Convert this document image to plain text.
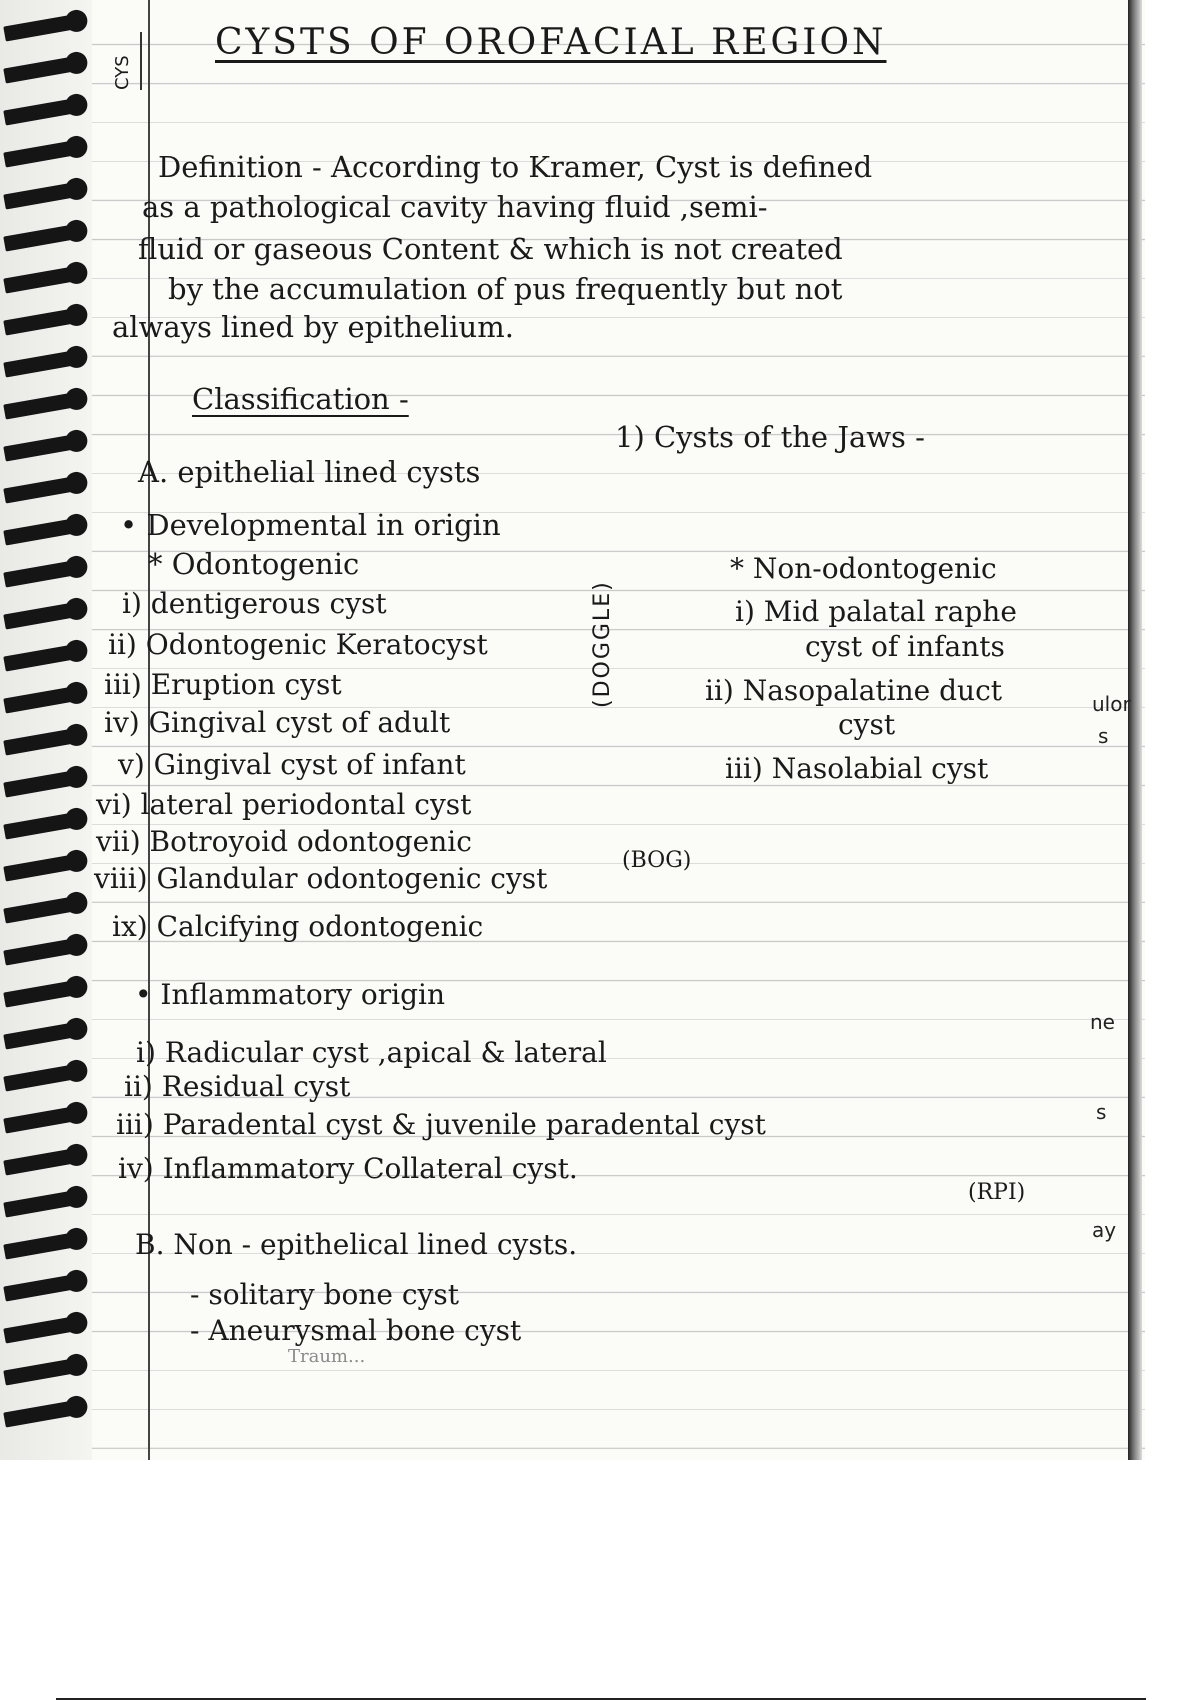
CYS
CYSTS OF OROFACIAL REGION
Definition - According to Kramer, Cyst is defined
as a pathological cavity having fluid ,semi-
fluid or gaseous Content & which is not created
by the accumulation of pus frequently but not
always lined by epithelium.
Classification -
1) Cysts of the Jaws -
A. epithelial lined cysts
• Developmental in origin
* Odontogenic
i) dentigerous cyst
ii) Odontogenic Keratocyst
iii) Eruption cyst
iv) Gingival cyst of adult
v) Gingival cyst of infant
vi) lateral periodontal cyst
vii) Botroyoid odontogenic
viii) Glandular odontogenic cyst
ix) Calcifying odontogenic
(DOGGLE)
(BOG)
* Non-odontogenic
i) Mid palatal raphe
cyst of infants
ii) Nasopalatine duct
cyst
iii) Nasolabial cyst
• Inflammatory origin
i) Radicular cyst ,apical & lateral
ii) Residual cyst
iii) Paradental cyst & juvenile paradental cyst
iv) Inflammatory Collateral cyst.
(RPI)
B. Non - epithelical lined cysts.
- solitary bone cyst
- Aneurysmal bone cyst
Traum...
ulor
s
ne
s
ay
